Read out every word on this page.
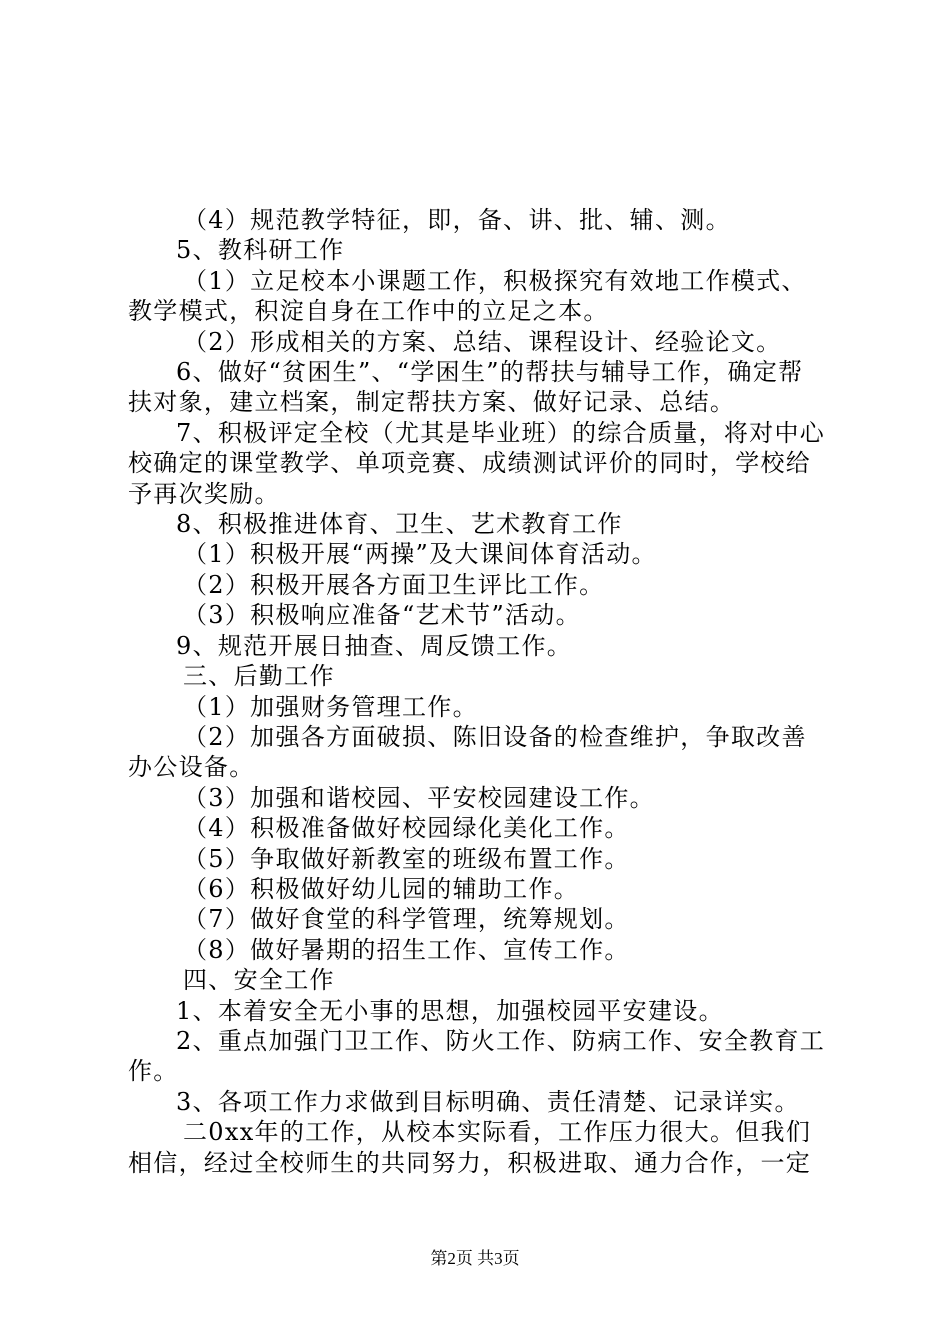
（4）规范教学特征，即，备、讲、批、辅、测。

5、教科研工作

（1）立足校本小课题工作，积极探究有效地工作模式、教学模式，积淀自身在工作中的立足之本。

（2）形成相关的方案、总结、课程设计、经验论文。

6、做好“贫困生”、“学困生”的帮扶与辅导工作，确定帮扶对象，建立档案，制定帮扶方案、做好记录、总结。

7、积极评定全校（尤其是毕业班）的综合质量，将对中心校确定的课堂教学、单项竞赛、成绩测试评价的同时，学校给予再次奖励。

8、积极推进体育、卫生、艺术教育工作

（1）积极开展“两操”及大课间体育活动。

（2）积极开展各方面卫生评比工作。

（3）积极响应准备“艺术节”活动。

9、规范开展日抽查、周反馈工作。

三、后勤工作

（1）加强财务管理工作。

（2）加强各方面破损、陈旧设备的检查维护，争取改善办公设备。

（3）加强和谐校园、平安校园建设工作。

（4）积极准备做好校园绿化美化工作。

（5）争取做好新教室的班级布置工作。

（6）积极做好幼儿园的辅助工作。

（7）做好食堂的科学管理，统筹规划。

（8）做好暑期的招生工作、宣传工作。

四、安全工作

1、本着安全无小事的思想，加强校园平安建设。

2、重点加强门卫工作、防火工作、防病工作、安全教育工作。

3、各项工作力求做到目标明确、责任清楚、记录详实。

二0xx年的工作，从校本实际看，工作压力很大。但我们相信，经过全校师生的共同努力，积极进取、通力合作，一定

第2页 共3页
